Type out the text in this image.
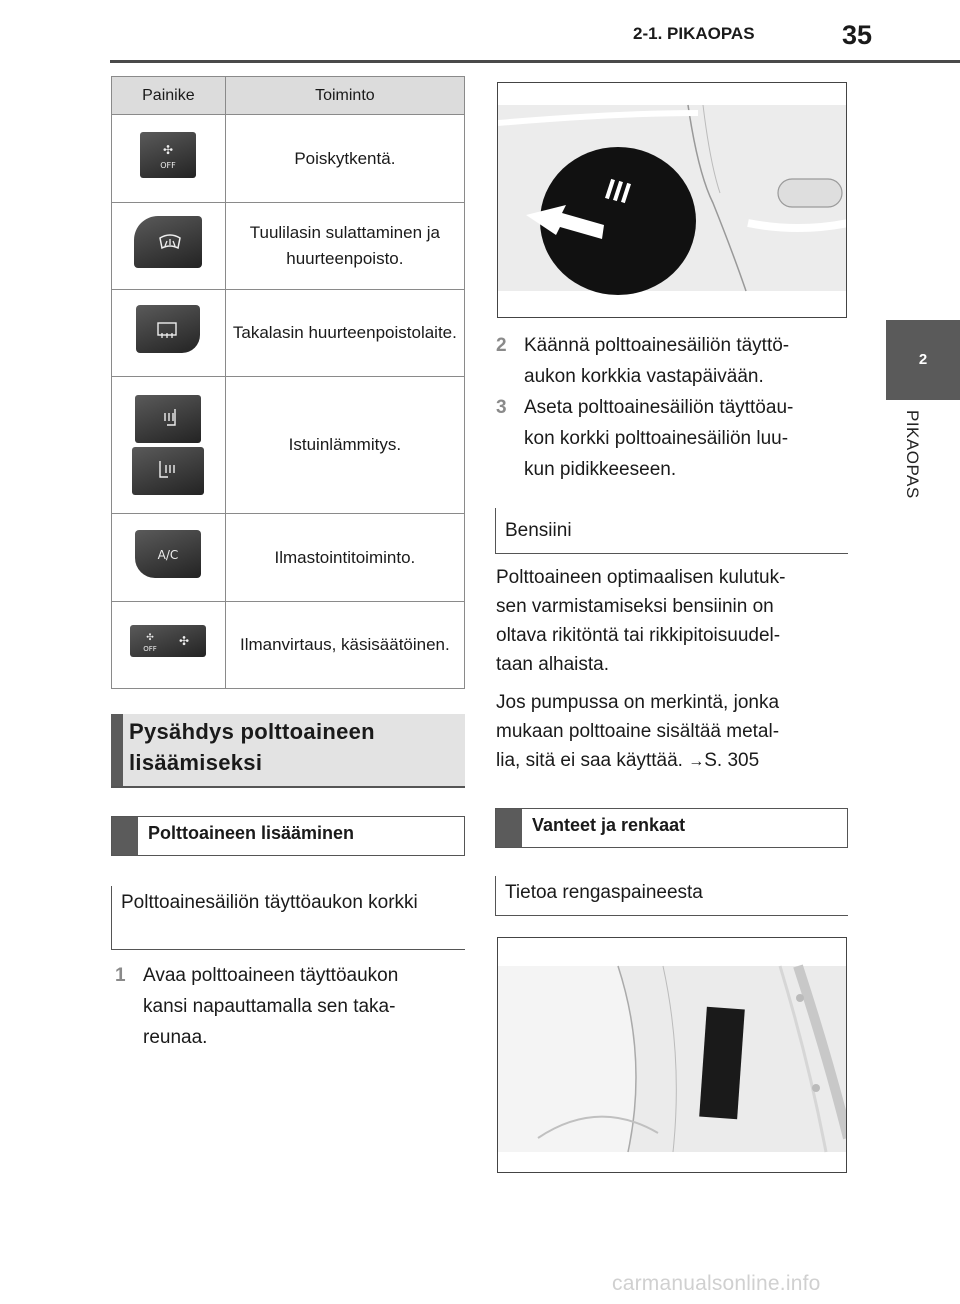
2-1. PIKAOPAS	35
2
PIKAOPAS
Painike	Toiminto

✣
OFF	Poiskytkentä.

	Tuulilasin sulattaminen ja huurteenpoisto.

	Takalasin huurteenpoistolaite.

	Istuinlämmitys.

A/C	Ilmastointitoiminto.

✣
OFF
✣	Ilmanvirtaus, käsisäätöinen.
Pysähdys polttoaineen
lisäämiseksi
Polttoaineen lisääminen
Polttoainesäiliön täyttöaukon korkki
1 Avaa polttoaineen täyttöaukon
kansi napauttamalla sen taka-
reunaa.
2 Käännä polttoainesäiliön täyttö-
aukon korkkia vastapäivään.
3 Aseta polttoainesäiliön täyttöau-
kon korkki polttoainesäiliön luu-
kun pidikkeeseen.
Bensiini
Polttoaineen optimaalisen kulutuk-
sen varmistamiseksi bensiinin on
oltava rikitöntä tai rikkipitoisuudel-
taan alhaista.
Jos pumpussa on merkintä, jonka
mukaan polttoaine sisältää metal-
lia, sitä ei saa käyttää. →S. 305
Vanteet ja renkaat
Tietoa rengaspaineesta
carmanualsonline.info
